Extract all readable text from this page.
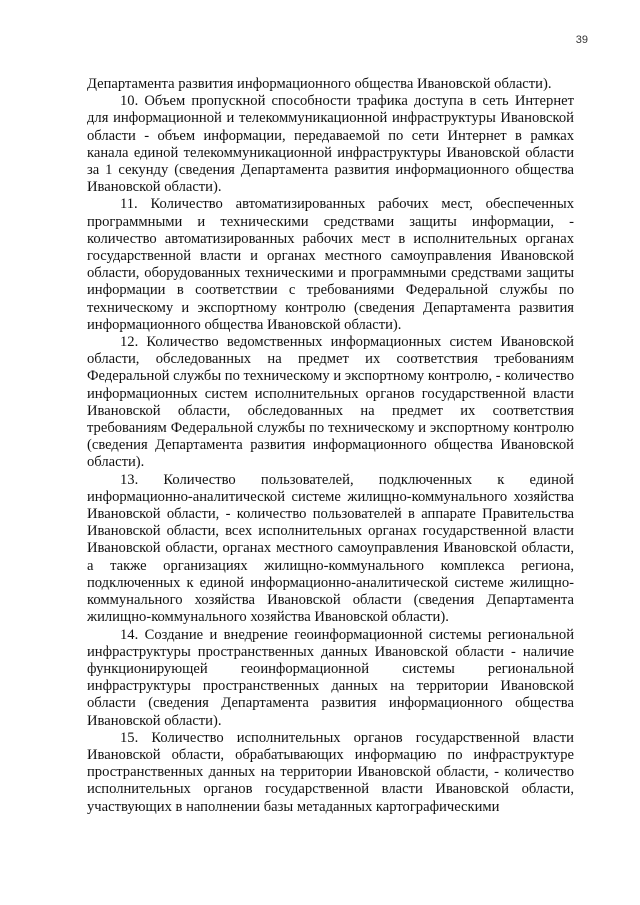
39

Департамента развития информационного общества Ивановской области).

10. Объем пропускной способности трафика доступа в сеть Интернет для информационной и телекоммуникационной инфраструктуры Ивановской области - объем информации, передаваемой по сети Интернет в рамках канала единой телекоммуникационной инфраструктуры Ивановской области за 1 секунду (сведения Департамента развития информационного общества Ивановской области).

11. Количество автоматизированных рабочих мест, обеспеченных программными и техническими средствами защиты информации, - количество автоматизированных рабочих мест в исполнительных органах государственной власти и органах местного самоуправления Ивановской области, оборудованных техническими и программными средствами защиты информации в соответствии с требованиями Федеральной службы по техническому и экспортному контролю (сведения Департамента развития информационного общества Ивановской области).

12. Количество ведомственных информационных систем Ивановской области, обследованных на предмет их соответствия требованиям Федеральной службы по техническому и экспортному контролю, - количество информационных систем исполнительных органов государственной власти Ивановской области, обследованных на предмет их соответствия требованиям Федеральной службы по техническому и экспортному контролю (сведения Департамента развития информационного общества Ивановской области).

13. Количество пользователей, подключенных к единой информационно-аналитической системе жилищно-коммунального хозяйства Ивановской области, - количество пользователей в аппарате Правительства Ивановской области, всех исполнительных органах государственной власти Ивановской области, органах местного самоуправления Ивановской области, а также организациях жилищно-коммунального комплекса региона, подключенных к единой информационно-аналитической системе жилищно-коммунального хозяйства Ивановской области (сведения Департамента жилищно-коммунального хозяйства Ивановской области).

14. Создание и внедрение геоинформационной системы региональной инфраструктуры пространственных данных Ивановской области - наличие функционирующей геоинформационной системы региональной инфраструктуры пространственных данных на территории Ивановской области (сведения Департамента развития информационного общества Ивановской области).

15. Количество исполнительных органов государственной власти Ивановской области, обрабатывающих информацию по инфраструктуре пространственных данных на территории Ивановской области, - количество исполнительных органов государственной власти Ивановской области, участвующих в наполнении базы метаданных картографическими
